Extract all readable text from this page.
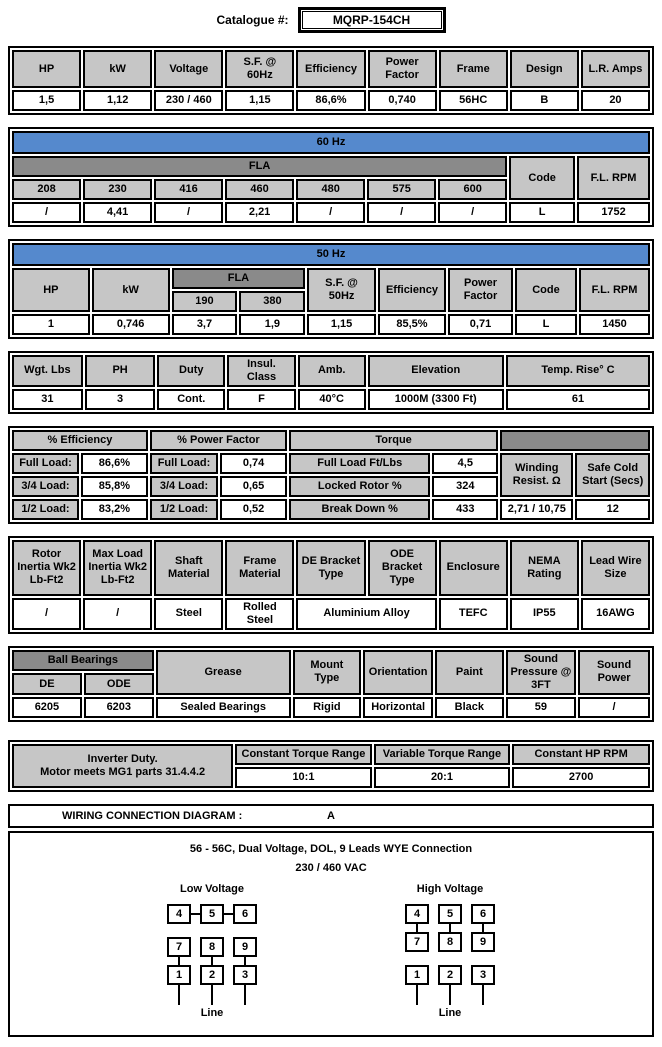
Catalogue #:	MQRP-154CH
HP	kW	Voltage	S.F. @ 60Hz	Efficiency	Power Factor	Frame	Design	L.R. Amps
1,5	1,12	230 / 460	1,15	86,6%	0,740	56HC	B	20
60 Hz								
FLA							Code	F.L. RPM
208	230	416	460	480	575	600		
/	4,41	/	2,21	/	/	/	L	1752
50 Hz								
HP	kW	FLA		S.F. @ 50Hz	Efficiency	Power Factor	Code	F.L. RPM
		190	380					
1	0,746	3,7	1,9	1,15	85,5%	0,71	L	1450
Wgt. Lbs	PH	Duty	Insul. Class	Amb.	Elevation	Temp. Rise° C
31	3	Cont.	F	40°C	1000M (3300 Ft)	61
% Efficiency		% Power Factor		Torque			
Full Load:	86,6%	Full Load:	0,74	Full Load Ft/Lbs	4,5	Winding Resist. Ω	Safe Cold Start (Secs)
3/4 Load:	85,8%	3/4 Load:	0,65	Locked Rotor %	324		
1/2 Load:	83,2%	1/2 Load:	0,52	Break Down %	433	2,71 / 10,75	12
Rotor Inertia Wk2 Lb-Ft2	Max Load Inertia Wk2 Lb-Ft2	Shaft Material	Frame Material	DE Bracket Type	ODE Bracket Type	Enclosure	NEMA Rating	Lead Wire Size
/	/	Steel	Rolled Steel	Aluminium Alloy		TEFC	IP55	16AWG
Ball Bearings		Grease	Mount Type	Orientation	Paint	Sound Pressure @ 3FT	Sound Power
DE	ODE						
6205	6203	Sealed Bearings	Rigid	Horizontal	Black	59	/
Inverter Duty.
Motor meets MG1 parts 31.4.4.2	Constant Torque Range	Variable Torque Range	Constant HP RPM
	10:1	20:1	2700
WIRING CONNECTION DIAGRAM :	A
56 - 56C, Dual Voltage, DOL, 9 Leads WYE Connection
230 / 460 VAC
Low Voltage
4	5	6
7	8	9
1	2	3
Line
High Voltage
4	5	6
7	8	9
1	2	3
Line
